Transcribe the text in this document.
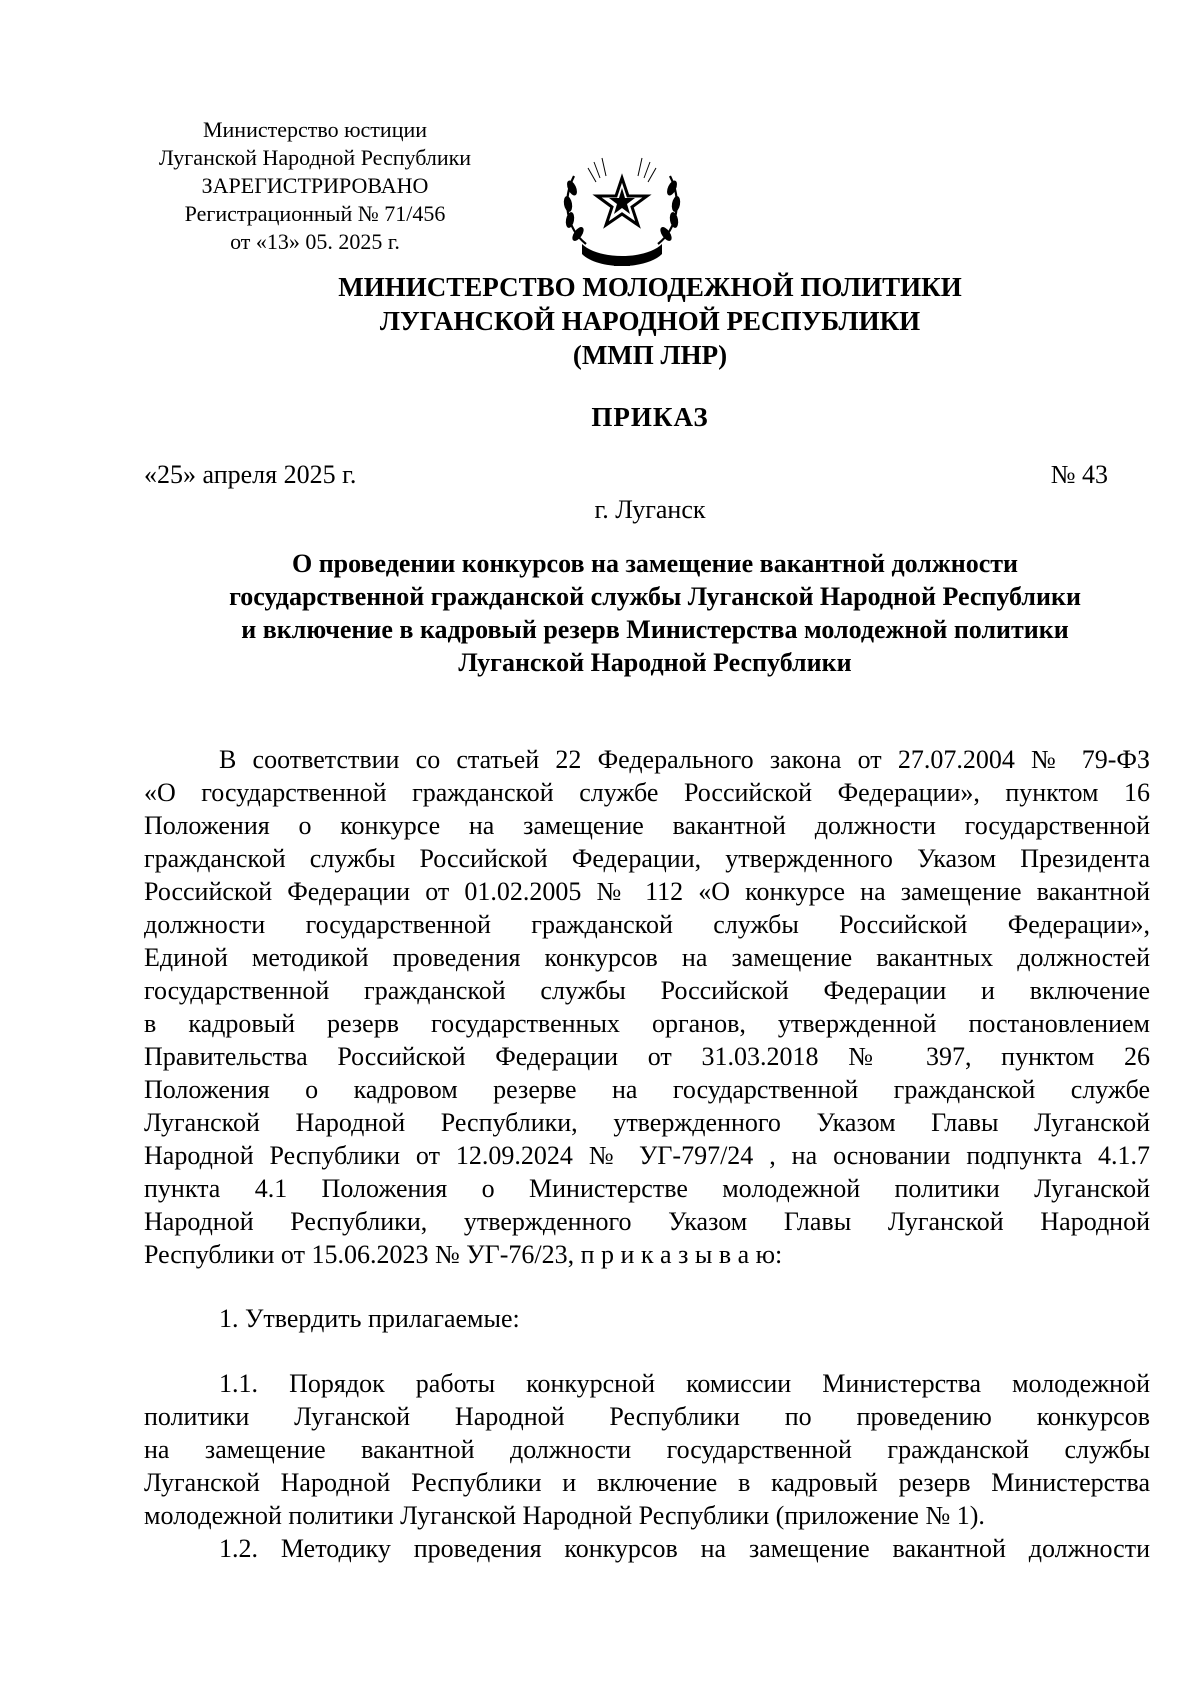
Министерство юстиции
Луганской Народной Республики
ЗАРЕГИСТРИРОВАНО
Регистрационный № 71/456
от «13» 05. 2025 г.
МИНИСТЕРСТВО МОЛОДЕЖНОЙ ПОЛИТИКИ
ЛУГАНСКОЙ НАРОДНОЙ РЕСПУБЛИКИ
(ММП ЛНР)
ПРИКАЗ
«25» апреля 2025 г.	№ 43
г. Луганск
О проведении конкурсов на замещение вакантной должности
государственной гражданской службы Луганской Народной Республики
и включение в кадровый резерв Министерства молодежной политики
Луганской Народной Республики
В соответствии со статьей 22 Федерального закона от 27.07.2004 № 79-ФЗ
«О государственной гражданской службе Российской Федерации», пунктом 16
Положения о конкурсе на замещение вакантной должности государственной
гражданской службы Российской Федерации, утвержденного Указом Президента
Российской Федерации от 01.02.2005 № 112 «О конкурсе на замещение вакантной
должности государственной гражданской службы Российской Федерации»,
Единой методикой проведения конкурсов на замещение вакантных должностей
государственной гражданской службы Российской Федерации и включение
в кадровый резерв государственных органов, утвержденной постановлением
Правительства Российской Федерации от 31.03.2018 № 397, пунктом 26
Положения о кадровом резерве на государственной гражданской службе
Луганской Народной Республики, утвержденного Указом Главы Луганской
Народной Республики от 12.09.2024 № УГ-797/24 , на основании подпункта 4.1.7
пункта 4.1 Положения о Министерстве молодежной политики Луганской
Народной Республики, утвержденного Указом Главы Луганской Народной
Республики от 15.06.2023 № УГ-76/23, п р и к а з ы в а ю:
1. Утвердить прилагаемые:
1.1. Порядок работы конкурсной комиссии Министерства молодежной
политики Луганской Народной Республики по проведению конкурсов
на замещение вакантной должности государственной гражданской службы
Луганской Народной Республики и включение в кадровый резерв Министерства
молодежной политики Луганской Народной Республики (приложение № 1).
1.2. Методику проведения конкурсов на замещение вакантной должности
